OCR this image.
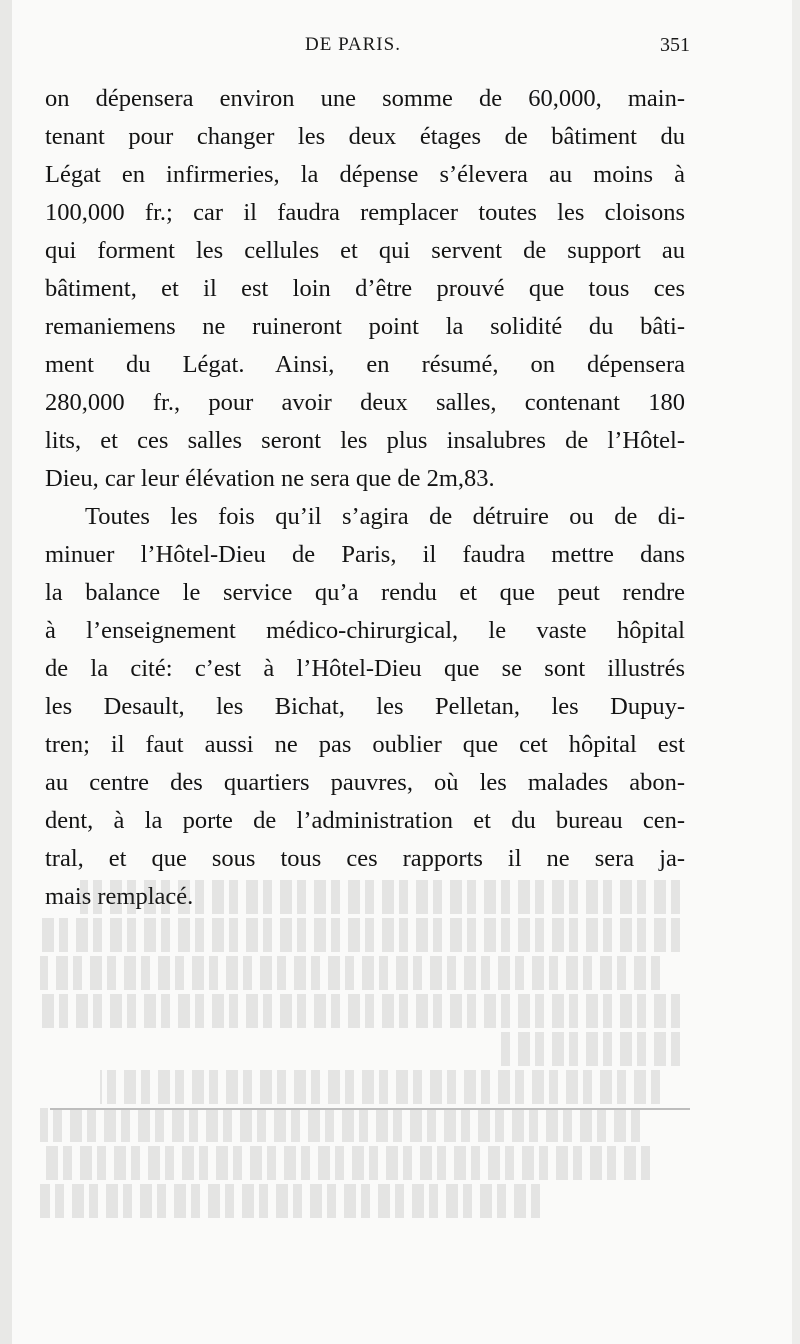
DE PARIS.	351
on dépensera environ une somme de 60,000, main-
tenant pour changer les deux étages de bâtiment du
Légat en infirmeries, la dépense s’élevera au moins à
100,000 fr.; car il faudra remplacer toutes les cloisons
qui forment les cellules et qui servent de support au
bâtiment, et il est loin d’être prouvé que tous ces
remaniemens ne ruineront point la solidité du bâti-
ment du Légat. Ainsi, en résumé, on dépensera
280,000 fr., pour avoir deux salles, contenant 180
lits, et ces salles seront les plus insalubres de l’Hôtel-
Dieu, car leur élévation ne sera que de 2m,83.
Toutes les fois qu’il s’agira de détruire ou de di-
minuer l’Hôtel-Dieu de Paris, il faudra mettre dans
la balance le service qu’a rendu et que peut rendre
à l’enseignement médico-chirurgical, le vaste hôpital
de la cité: c’est à l’Hôtel-Dieu que se sont illustrés
les Desault, les Bichat, les Pelletan, les Dupuy-
tren; il faut aussi ne pas oublier que cet hôpital est
au centre des quartiers pauvres, où les malades abon-
dent, à la porte de l’administration et du bureau cen-
tral, et que sous tous ces rapports il ne sera ja-
mais remplacé.
